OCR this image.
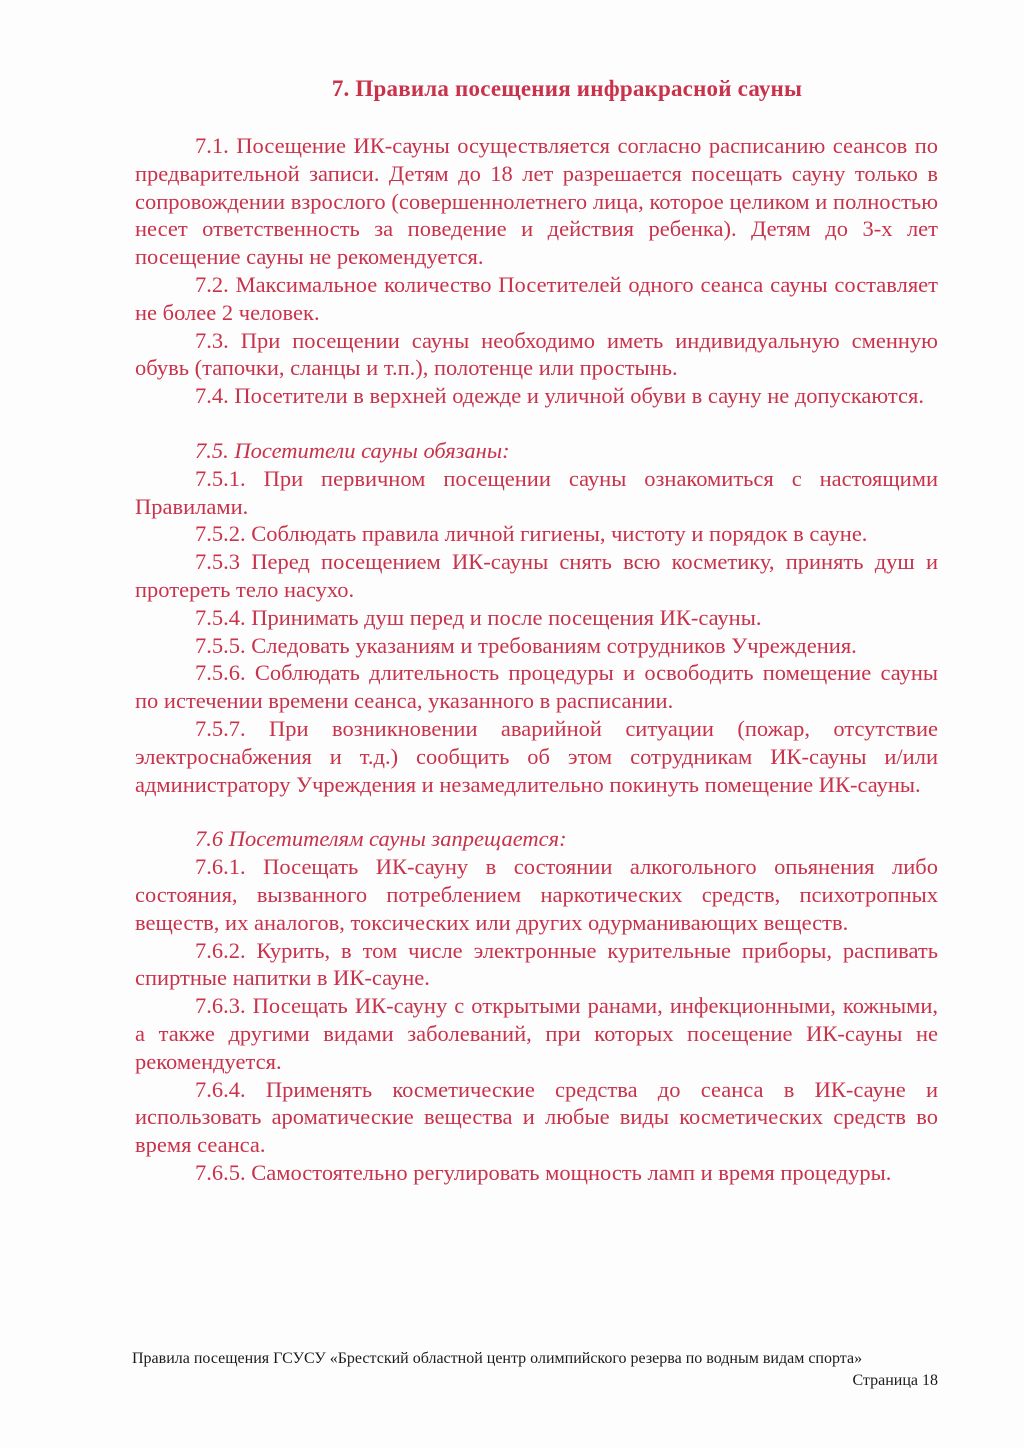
7. Правила посещения инфракрасной сауны

7.1. Посещение ИК-сауны осуществляется согласно расписанию сеансов по предварительной записи. Детям до 18 лет разрешается посещать сауну только в сопровождении взрослого (совершеннолетнего лица, которое целиком и полностью несет ответственность за поведение и действия ребенка). Детям до 3-х лет посещение сауны не рекомендуется.

7.2. Максимальное количество Посетителей одного сеанса сауны составляет не более 2 человек.

7.3. При посещении сауны необходимо иметь индивидуальную сменную обувь (тапочки, сланцы и т.п.), полотенце или простынь.

7.4. Посетители в верхней одежде и уличной обуви в сауну не допускаются.

7.5. Посетители сауны обязаны:

7.5.1. При первичном посещении сауны ознакомиться с настоящими Правилами.

7.5.2. Соблюдать правила личной гигиены, чистоту и порядок в сауне.

7.5.3 Перед посещением ИК-сауны снять всю косметику, принять душ и протереть тело насухо.

7.5.4. Принимать душ перед и после посещения ИК-сауны.

7.5.5. Следовать указаниям и требованиям сотрудников Учреждения.

7.5.6. Соблюдать длительность процедуры и освободить помещение сауны по истечении времени сеанса, указанного в расписании.

7.5.7. При возникновении аварийной ситуации (пожар, отсутствие электроснабжения и т.д.) сообщить об этом сотрудникам ИК-сауны и/или администратору Учреждения и незамедлительно покинуть помещение ИК-сауны.

7.6 Посетителям сауны запрещается:

7.6.1. Посещать ИК-сауну в состоянии алкогольного опьянения либо состояния, вызванного потреблением наркотических средств, психотропных веществ, их аналогов, токсических или других одурманивающих веществ.

7.6.2. Курить, в том числе электронные курительные приборы, распивать спиртные напитки в ИК-сауне.

7.6.3. Посещать ИК-сауну с открытыми ранами, инфекционными, кожными, а также другими видами заболеваний, при которых посещение ИК-сауны не рекомендуется.

7.6.4. Применять косметические средства до сеанса в ИК-сауне и использовать ароматические вещества и любые виды косметических средств во время сеанса.

7.6.5. Самостоятельно регулировать мощность ламп и время процедуры.

Правила посещения ГСУСУ «Брестский областной центр олимпийского резерва по водным видам спорта»
Страница 18
